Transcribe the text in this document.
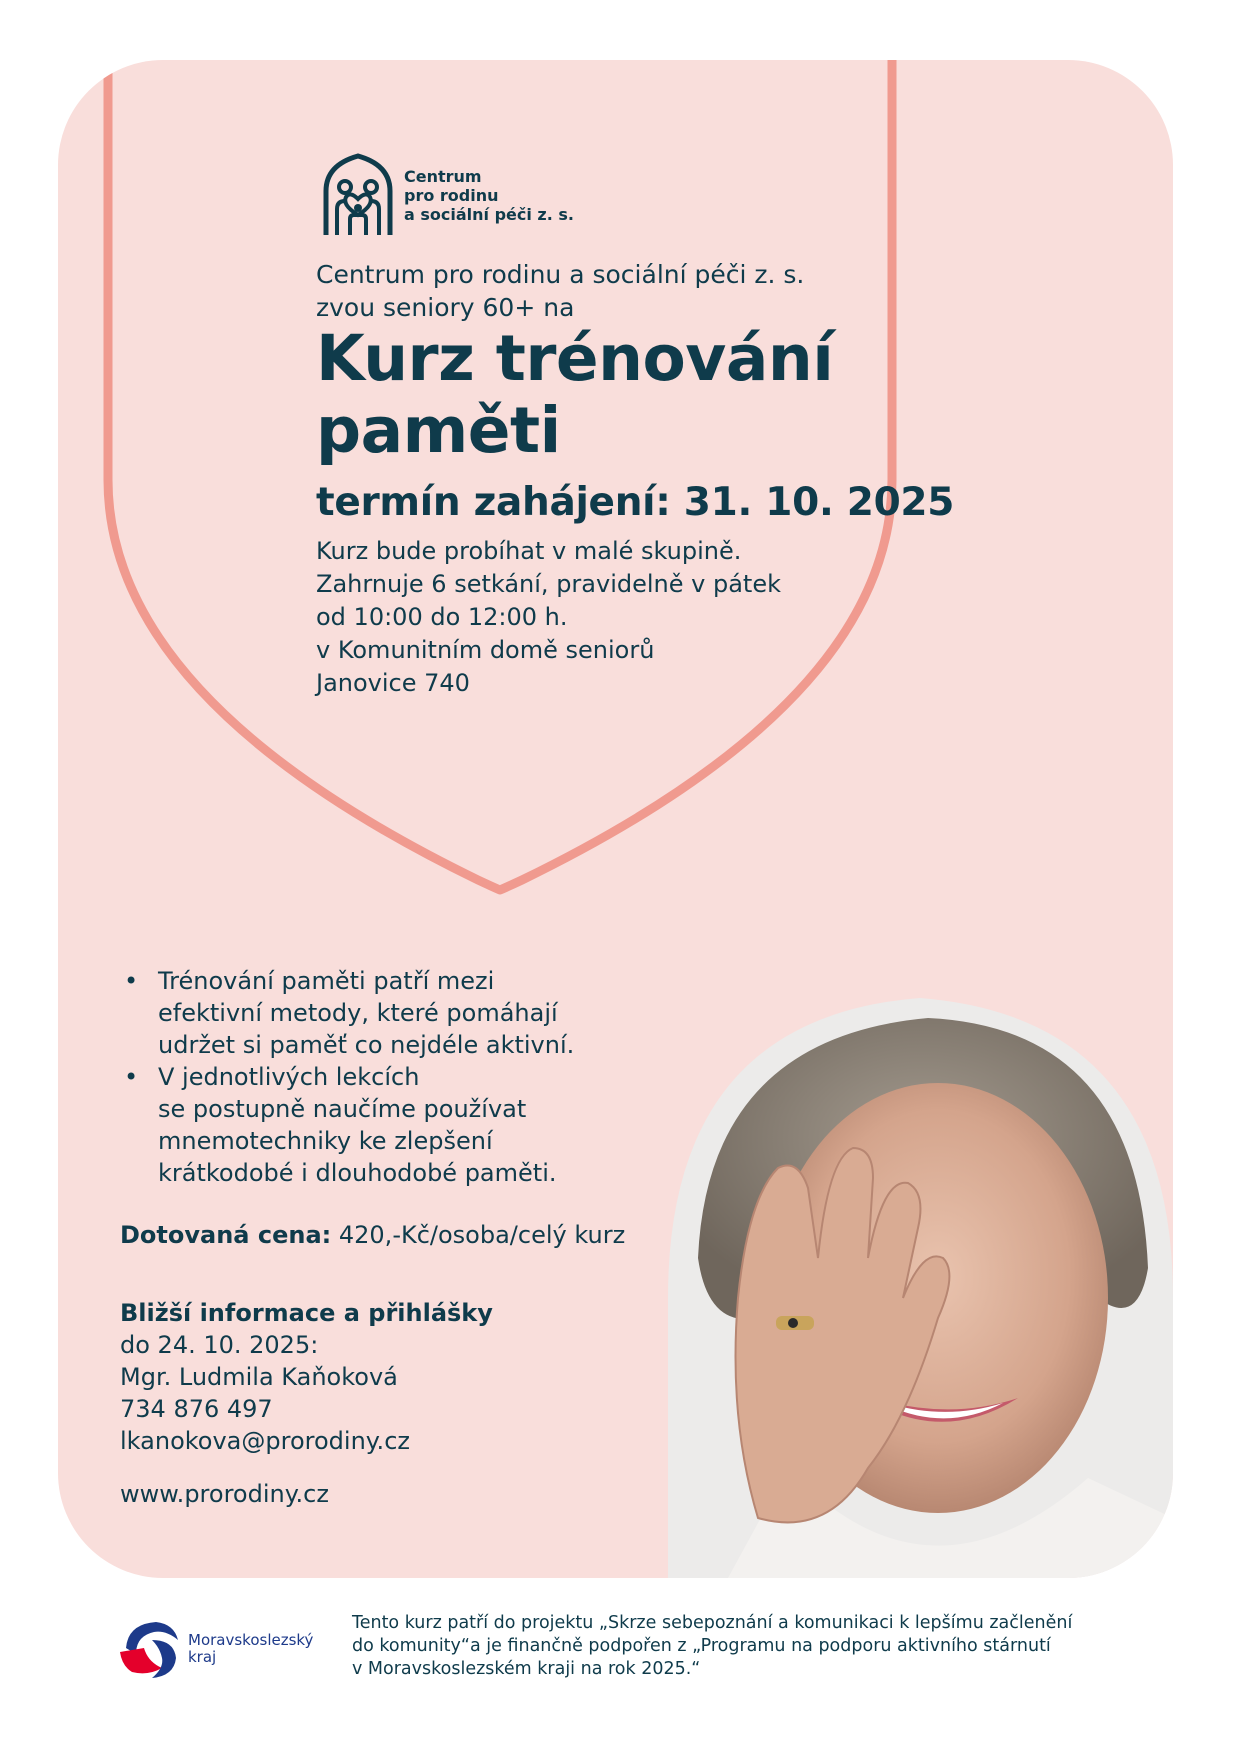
Centrum
pro rodinu
a sociální péči z. s.
Centrum pro rodinu a sociální péči z. s.
zvou seniory 60+ na
Kurz trénování
paměti
termín zahájení: 31. 10. 2025
Kurz bude probíhat v malé skupině.
Zahrnuje 6 setkání, pravidelně v pátek
od 10:00 do 12:00 h.
v Komunitním domě seniorů
Janovice 740
• Trénování paměti patří mezi
efektivní metody, které pomáhají
udržet si paměť co nejdéle aktivní.
• V jednotlivých lekcích
se postupně naučíme používat
mnemotechniky ke zlepšení
krátkodobé i dlouhodobé paměti.
Dotovaná cena: 420,-Kč/osoba/celý kurz
Bližší informace a přihlášky
do 24. 10. 2025:
Mgr. Ludmila Kaňoková
734 876 497
lkanokova@prorodiny.cz
www.prorodiny.cz
Moravskoslezský
kraj
Tento kurz patří do projektu „Skrze sebepoznání a komunikaci k lepšímu začlenění
do komunity“a je finančně podpořen z „Programu na podporu aktivního stárnutí
v Moravskoslezském kraji na rok 2025.“
